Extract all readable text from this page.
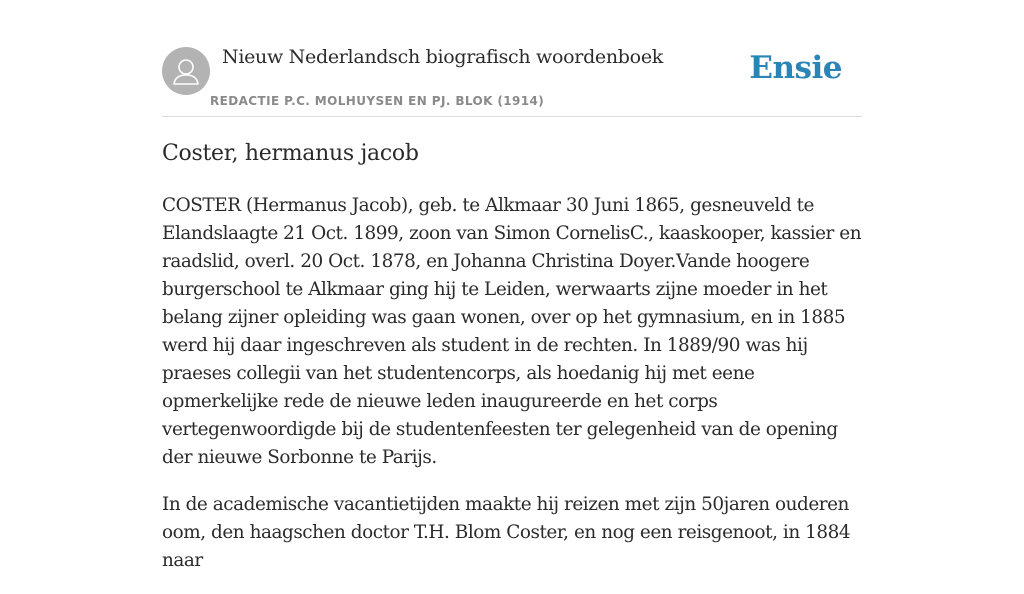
Nieuw Nederlandsch biografisch woordenboek
REDACTIE P.C. MOLHUYSEN EN PJ. BLOK (1914)
Ensie
Coster, hermanus jacob

COSTER (Hermanus Jacob), geb. te Alkmaar 30 Juni 1865, gesneuveld te Elandslaagte 21 Oct. 1899, zoon van Simon CornelisC., kaaskooper, kassier en raadslid, overl. 20 Oct. 1878, en Johanna Christina Doyer.Vande hoogere burgerschool te Alkmaar ging hij te Leiden, werwaarts zijne moeder in het belang zijner opleiding was gaan wonen, over op het gymnasium, en in 1885 werd hij daar ingeschreven als student in de rechten. In 1889/90 was hij praeses collegii van het studentencorps, als hoedanig hij met eene opmerkelijke rede de nieuwe leden inaugureerde en het corps vertegenwoordigde bij de studentenfeesten ter gelegenheid van de opening der nieuwe Sorbonne te Parijs.

In de academische vacantietijden maakte hij reizen met zijn 50jaren ouderen oom, den haagschen doctor T.H. Blom Coster, en nog een reisgenoot, in 1884 naar
